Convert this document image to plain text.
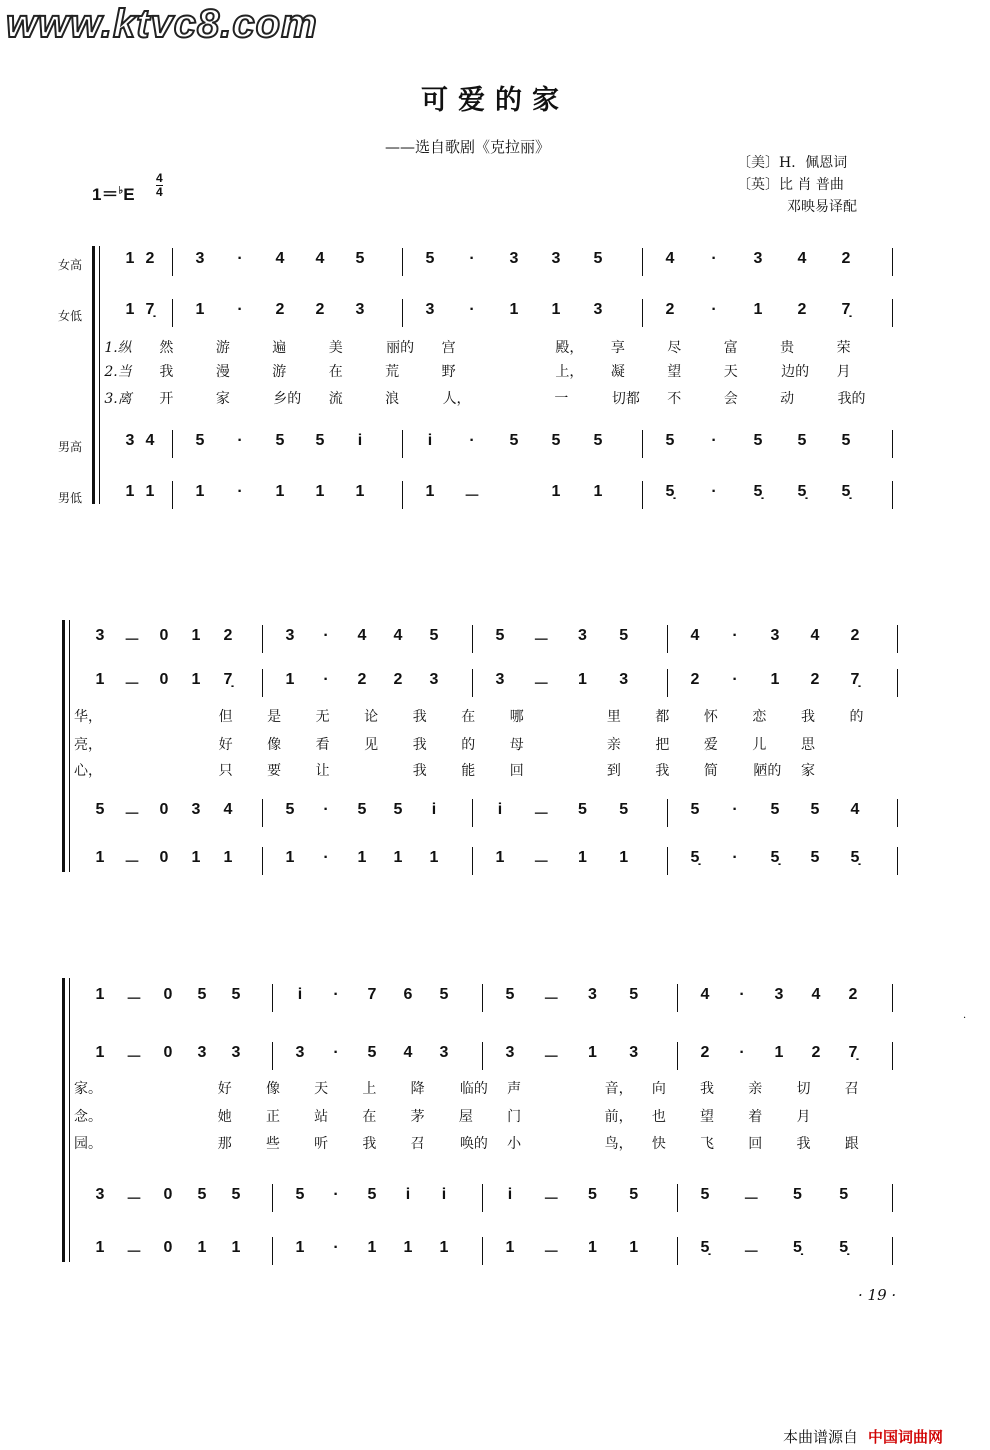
www.ktvc8.com
可爱的家
——选自歌剧《克拉丽》
〔美〕H．佩恩词
〔英〕比 肖 普曲
邓映易译配
$1=^♭E \frac{4}{4}$
女高
女低
男高
男低
1 2	3	·	4	4	5	5	·	3	3	5	4	·	3	4	2
1 7̣	1	·	2	2	3	3	·	1	1	3	2	·	1	2	7̣
3 4	5	·	5	5	i	i	·	5	5	5	5	·	5	5	5
1 1	1	·	1	1	1	1	－	1	1	5̣	·	5̣	5̣	5̣
1.纵	然	游	遍	美	丽的	宫	殿，	享	尽	富	贵	荣
2.当	我	漫	游	在	荒	野	上，	凝	望	天	边的	月
3.离	开	家	乡的	流	浪	人，	一	切都	不	会	动	我的
3	－	0	1	2	3	·	4	4	5	5	－	3	5	4	·	3	4	2
1	－	0	1	7̣	1	·	2	2	3	3	－	1	3	2	·	1	2	7̣
5	－	0	3	4	5	·	5	5	i	i	－	5	5	5	·	5	5	4
1	－	0	1	1	1	·	1	1	1	1	－	1	1	5̣	·	5̣	5	5̣
华，	但	是	无	论	我	在	哪	里	都	怀	恋	我	的
亮，	好	像	看	见	我	的	母	亲	把	爱	儿	思
心，	只	要	让	我	能	回	到	我	简	陋的	家
1	－	0	5	5	i	·	7	6	5	5	－	3	5	4	·	3	4	2
1	－	0	3	3	3	·	5	4	3	3	－	1	3	2	·	1	2	7̣
3	－	0	5	5	5	·	5	i	i	i	－	5	5	5	－	5	5
1	－	0	1	1	1	·	1	1	1	1	－	1	1	5̣	－	5̣	5̣
家。	好	像	天	上	降	临的	声	音，	向	我	亲	切	召
念。	她	正	站	在	茅	屋	门	前，	也	望	着	月
园。	那	些	听	我	召	唤的	小	鸟，	快	飞	回	我	跟
· 19 ·
·
本曲谱源自 中国词曲网
